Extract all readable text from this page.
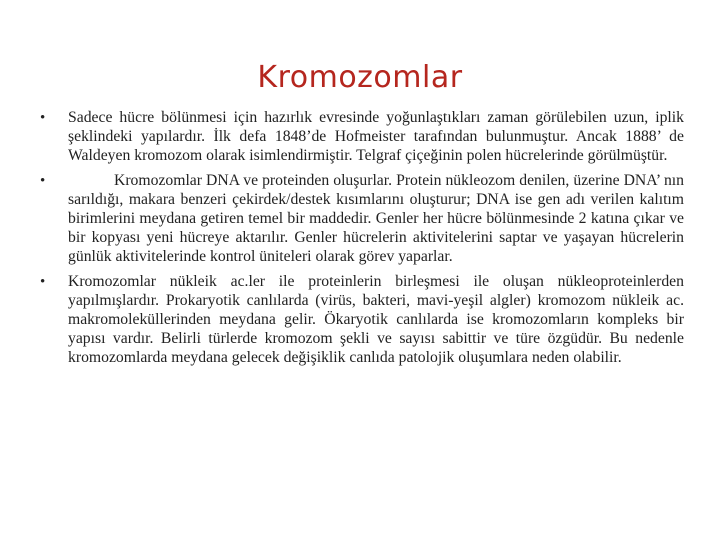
Kromozomlar
• Sadece hücre bölünmesi için hazırlık evresinde yoğunlaştıkları zaman görülebilen uzun, iplik şeklindeki yapılardır. İlk defa 1848’de Hofmeister tarafından bulunmuştur. Ancak 1888’ de Waldeyen kromozom olarak isimlendirmiştir. Telgraf çiçeğinin polen hücrelerinde görülmüştür.

•	Kromozomlar DNA ve proteinden oluşurlar. Protein nükleozom denilen, üzerine DNA’ nın sarıldığı, makara benzeri çekirdek/destek kısımlarını oluşturur; DNA ise gen adı verilen kalıtım birimlerini meydana getiren temel bir maddedir. Genler her hücre bölünmesinde 2 katına çıkar ve bir kopyası yeni hücreye aktarılır. Genler hücrelerin aktivitelerini saptar ve yaşayan hücrelerin günlük aktivitelerinde kontrol üniteleri olarak görev yaparlar.

• Kromozomlar nükleik ac.ler ile proteinlerin birleşmesi ile oluşan nükleoproteinlerden yapılmışlardır. Prokaryotik canlılarda (virüs, bakteri, mavi-yeşil algler) kromozom nükleik ac. makromoleküllerinden meydana gelir. Ökaryotik canlılarda ise kromozomların kompleks bir yapısı vardır. Belirli türlerde kromozom şekli ve sayısı sabittir ve türe özgüdür. Bu nedenle kromozomlarda meydana gelecek değişiklik canlıda patolojik oluşumlara neden olabilir.
